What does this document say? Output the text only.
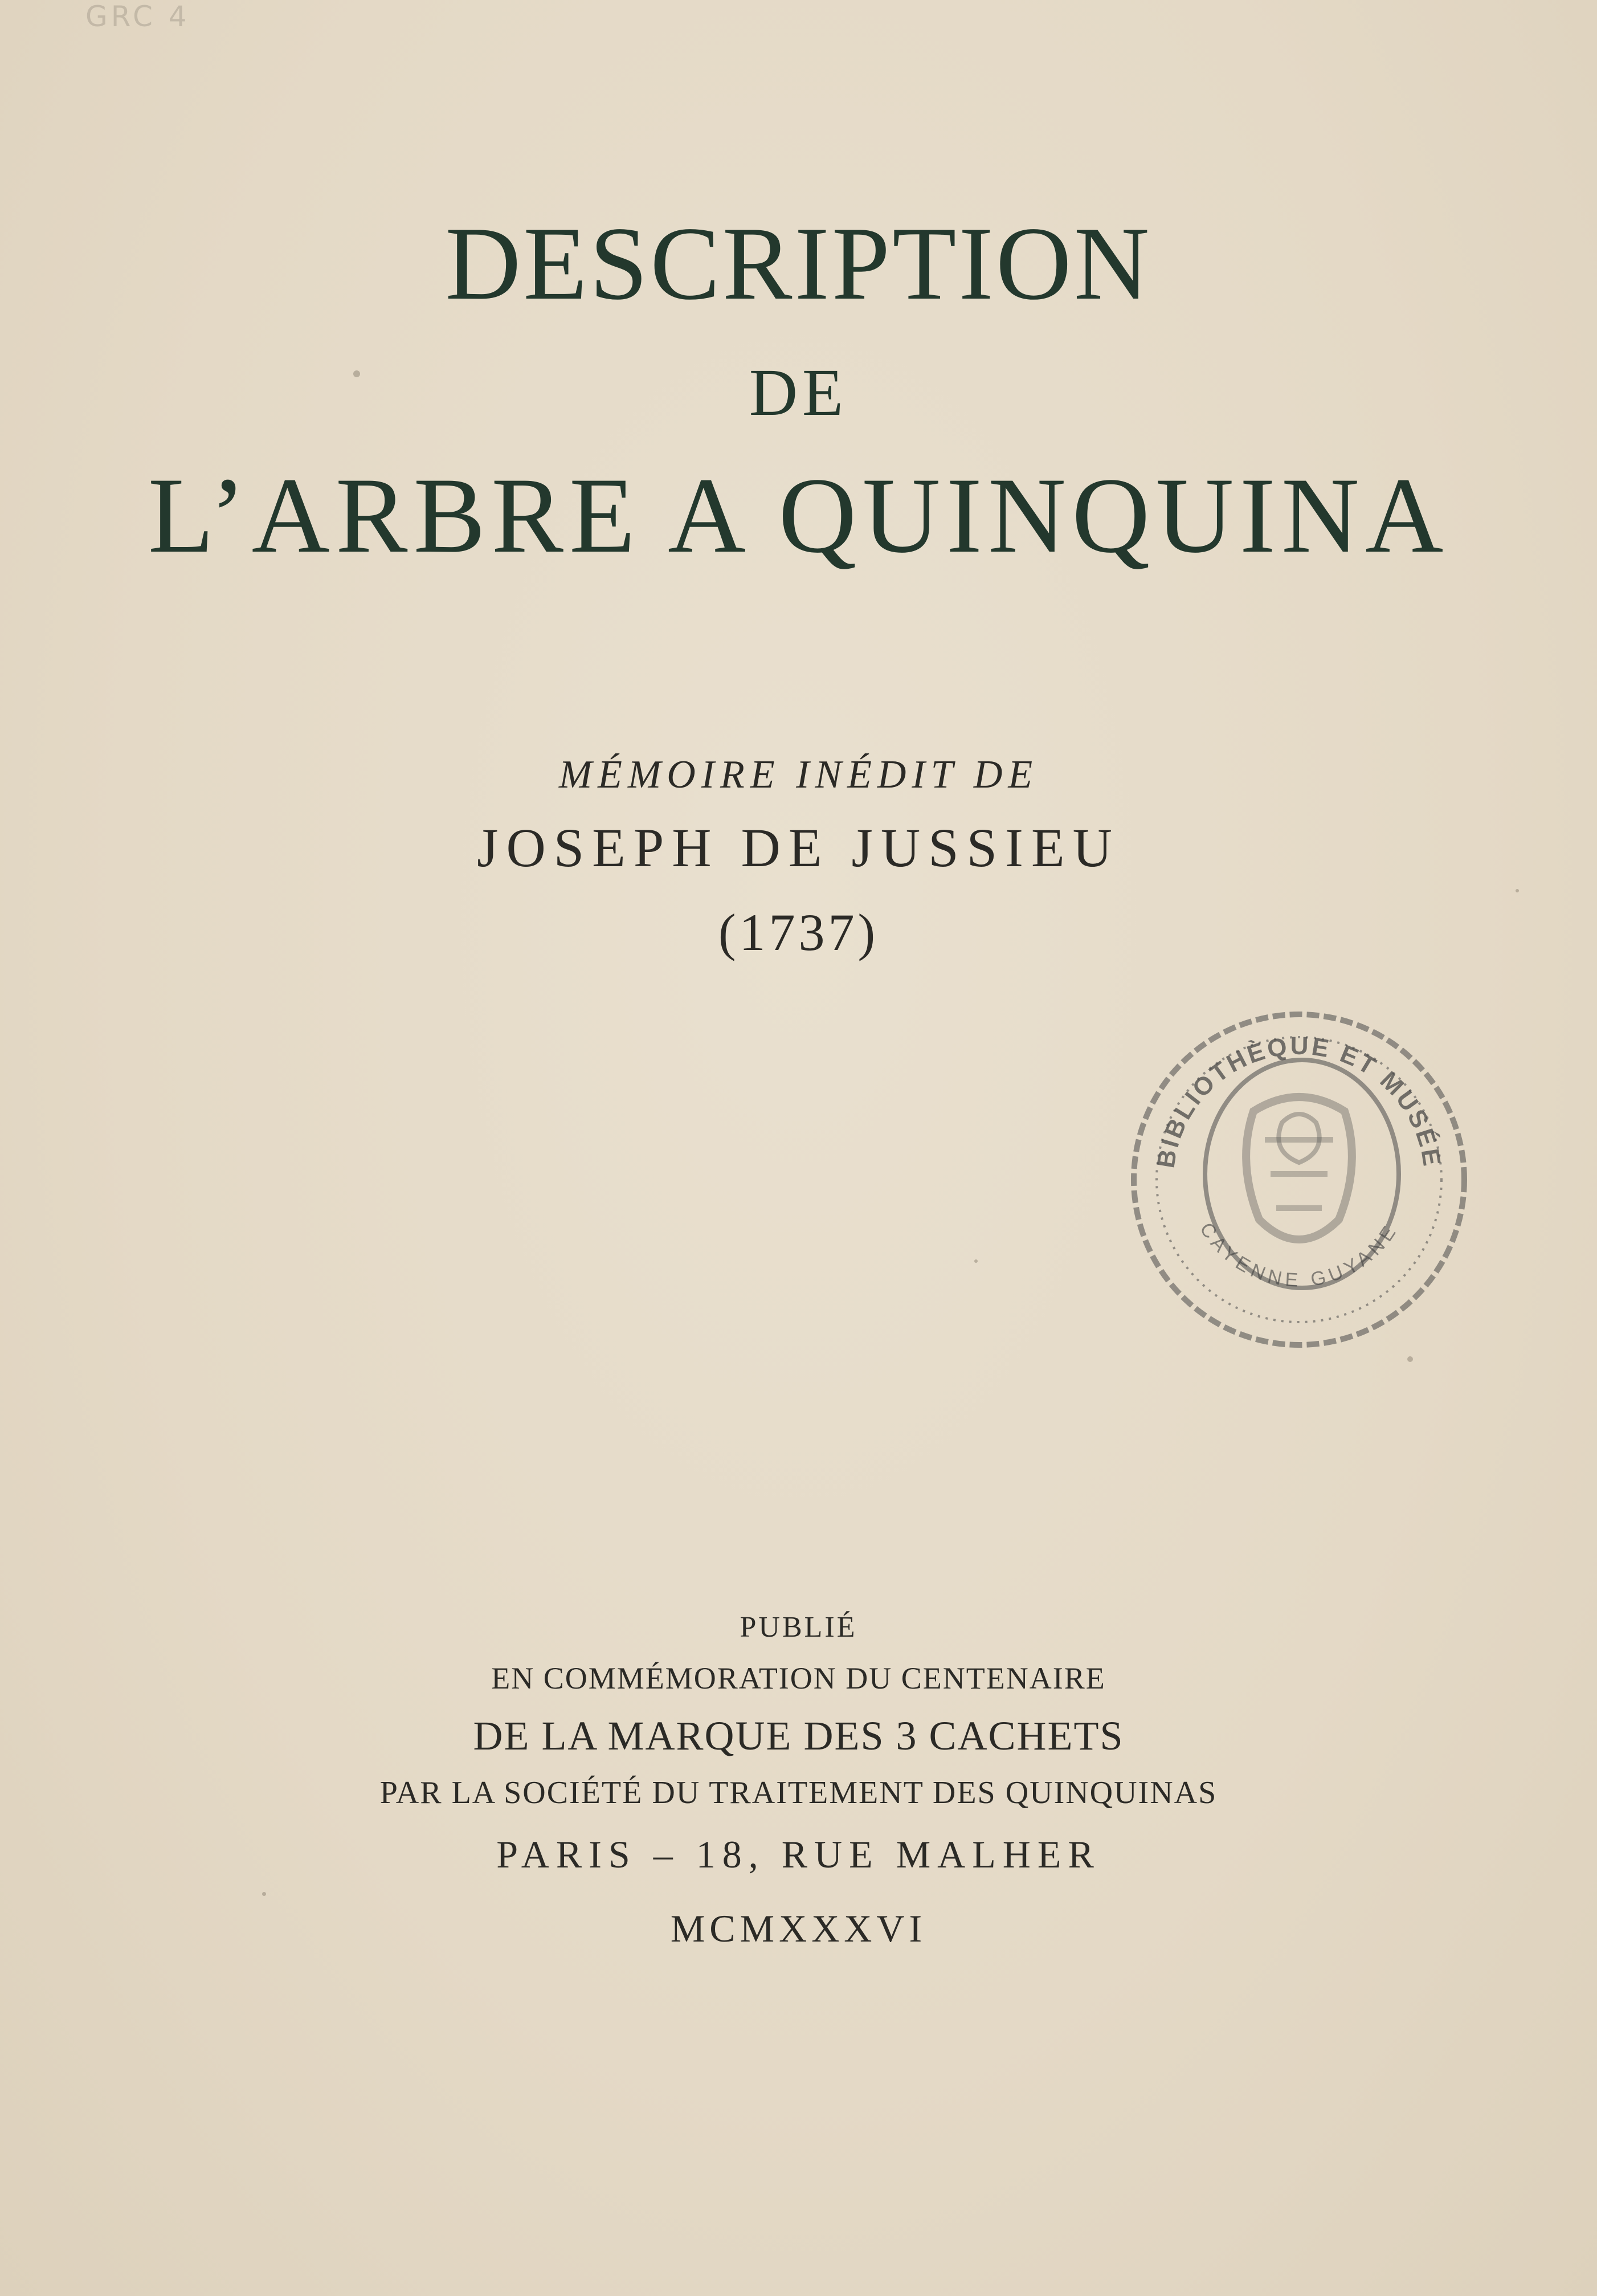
GRC 4
DESCRIPTION
DE
L’ARBRE A QUINQUINA
MÉMOIRE INÉDIT DE
JOSEPH DE JUSSIEU
(1737)
BIBLIOTHÈQUE ET MUSÉE
CAYENNE GUYANE
PUBLIÉ
EN COMMÉMORATION DU CENTENAIRE
DE LA MARQUE DES 3 CACHETS
PAR LA SOCIÉTÉ DU TRAITEMENT DES QUINQUINAS
PARIS – 18, RUE MALHER
MCMXXXVI
